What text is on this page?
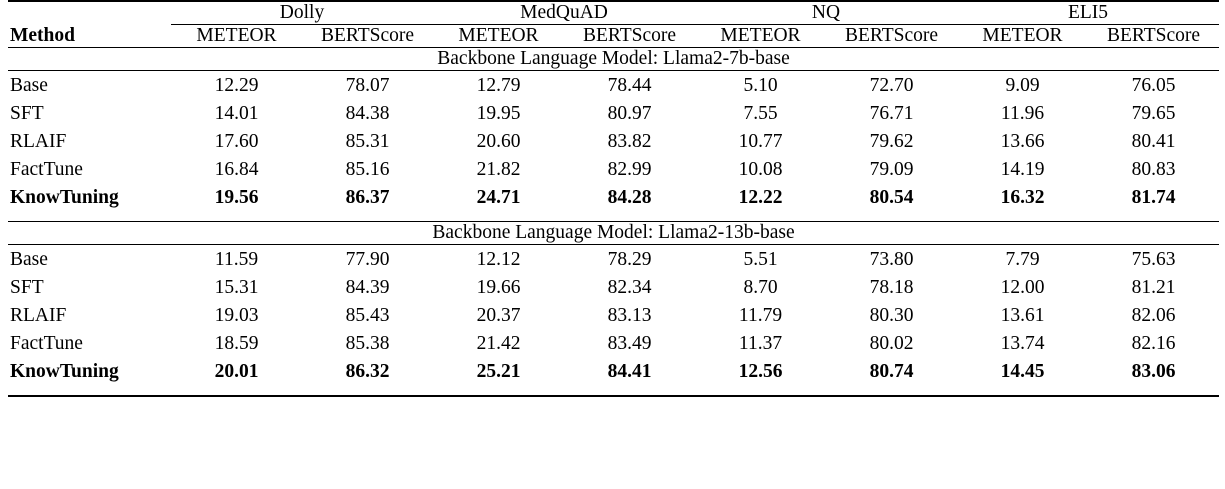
	Dolly		MedQuAD		NQ		ELI5	
Method	METEOR	BERTScore	METEOR	BERTScore	METEOR	BERTScore	METEOR	BERTScore

Backbone Language Model: Llama2-7b-base								

Base	12.29	78.07	12.79	78.44	5.10	72.70	9.09	76.05
SFT	14.01	84.38	19.95	80.97	7.55	76.71	11.96	79.65
RLAIF	17.60	85.31	20.60	83.82	10.77	79.62	13.66	80.41
FactTune	16.84	85.16	21.82	82.99	10.08	79.09	14.19	80.83
KnowTuning	19.56	86.37	24.71	84.28	12.22	80.54	16.32	81.74

Backbone Language Model: Llama2-13b-base								

Base	11.59	77.90	12.12	78.29	5.51	73.80	7.79	75.63
SFT	15.31	84.39	19.66	82.34	8.70	78.18	12.00	81.21
RLAIF	19.03	85.43	20.37	83.13	11.79	80.30	13.61	82.06
FactTune	18.59	85.38	21.42	83.49	11.37	80.02	13.74	82.16
KnowTuning	20.01	86.32	25.21	84.41	12.56	80.74	14.45	83.06
